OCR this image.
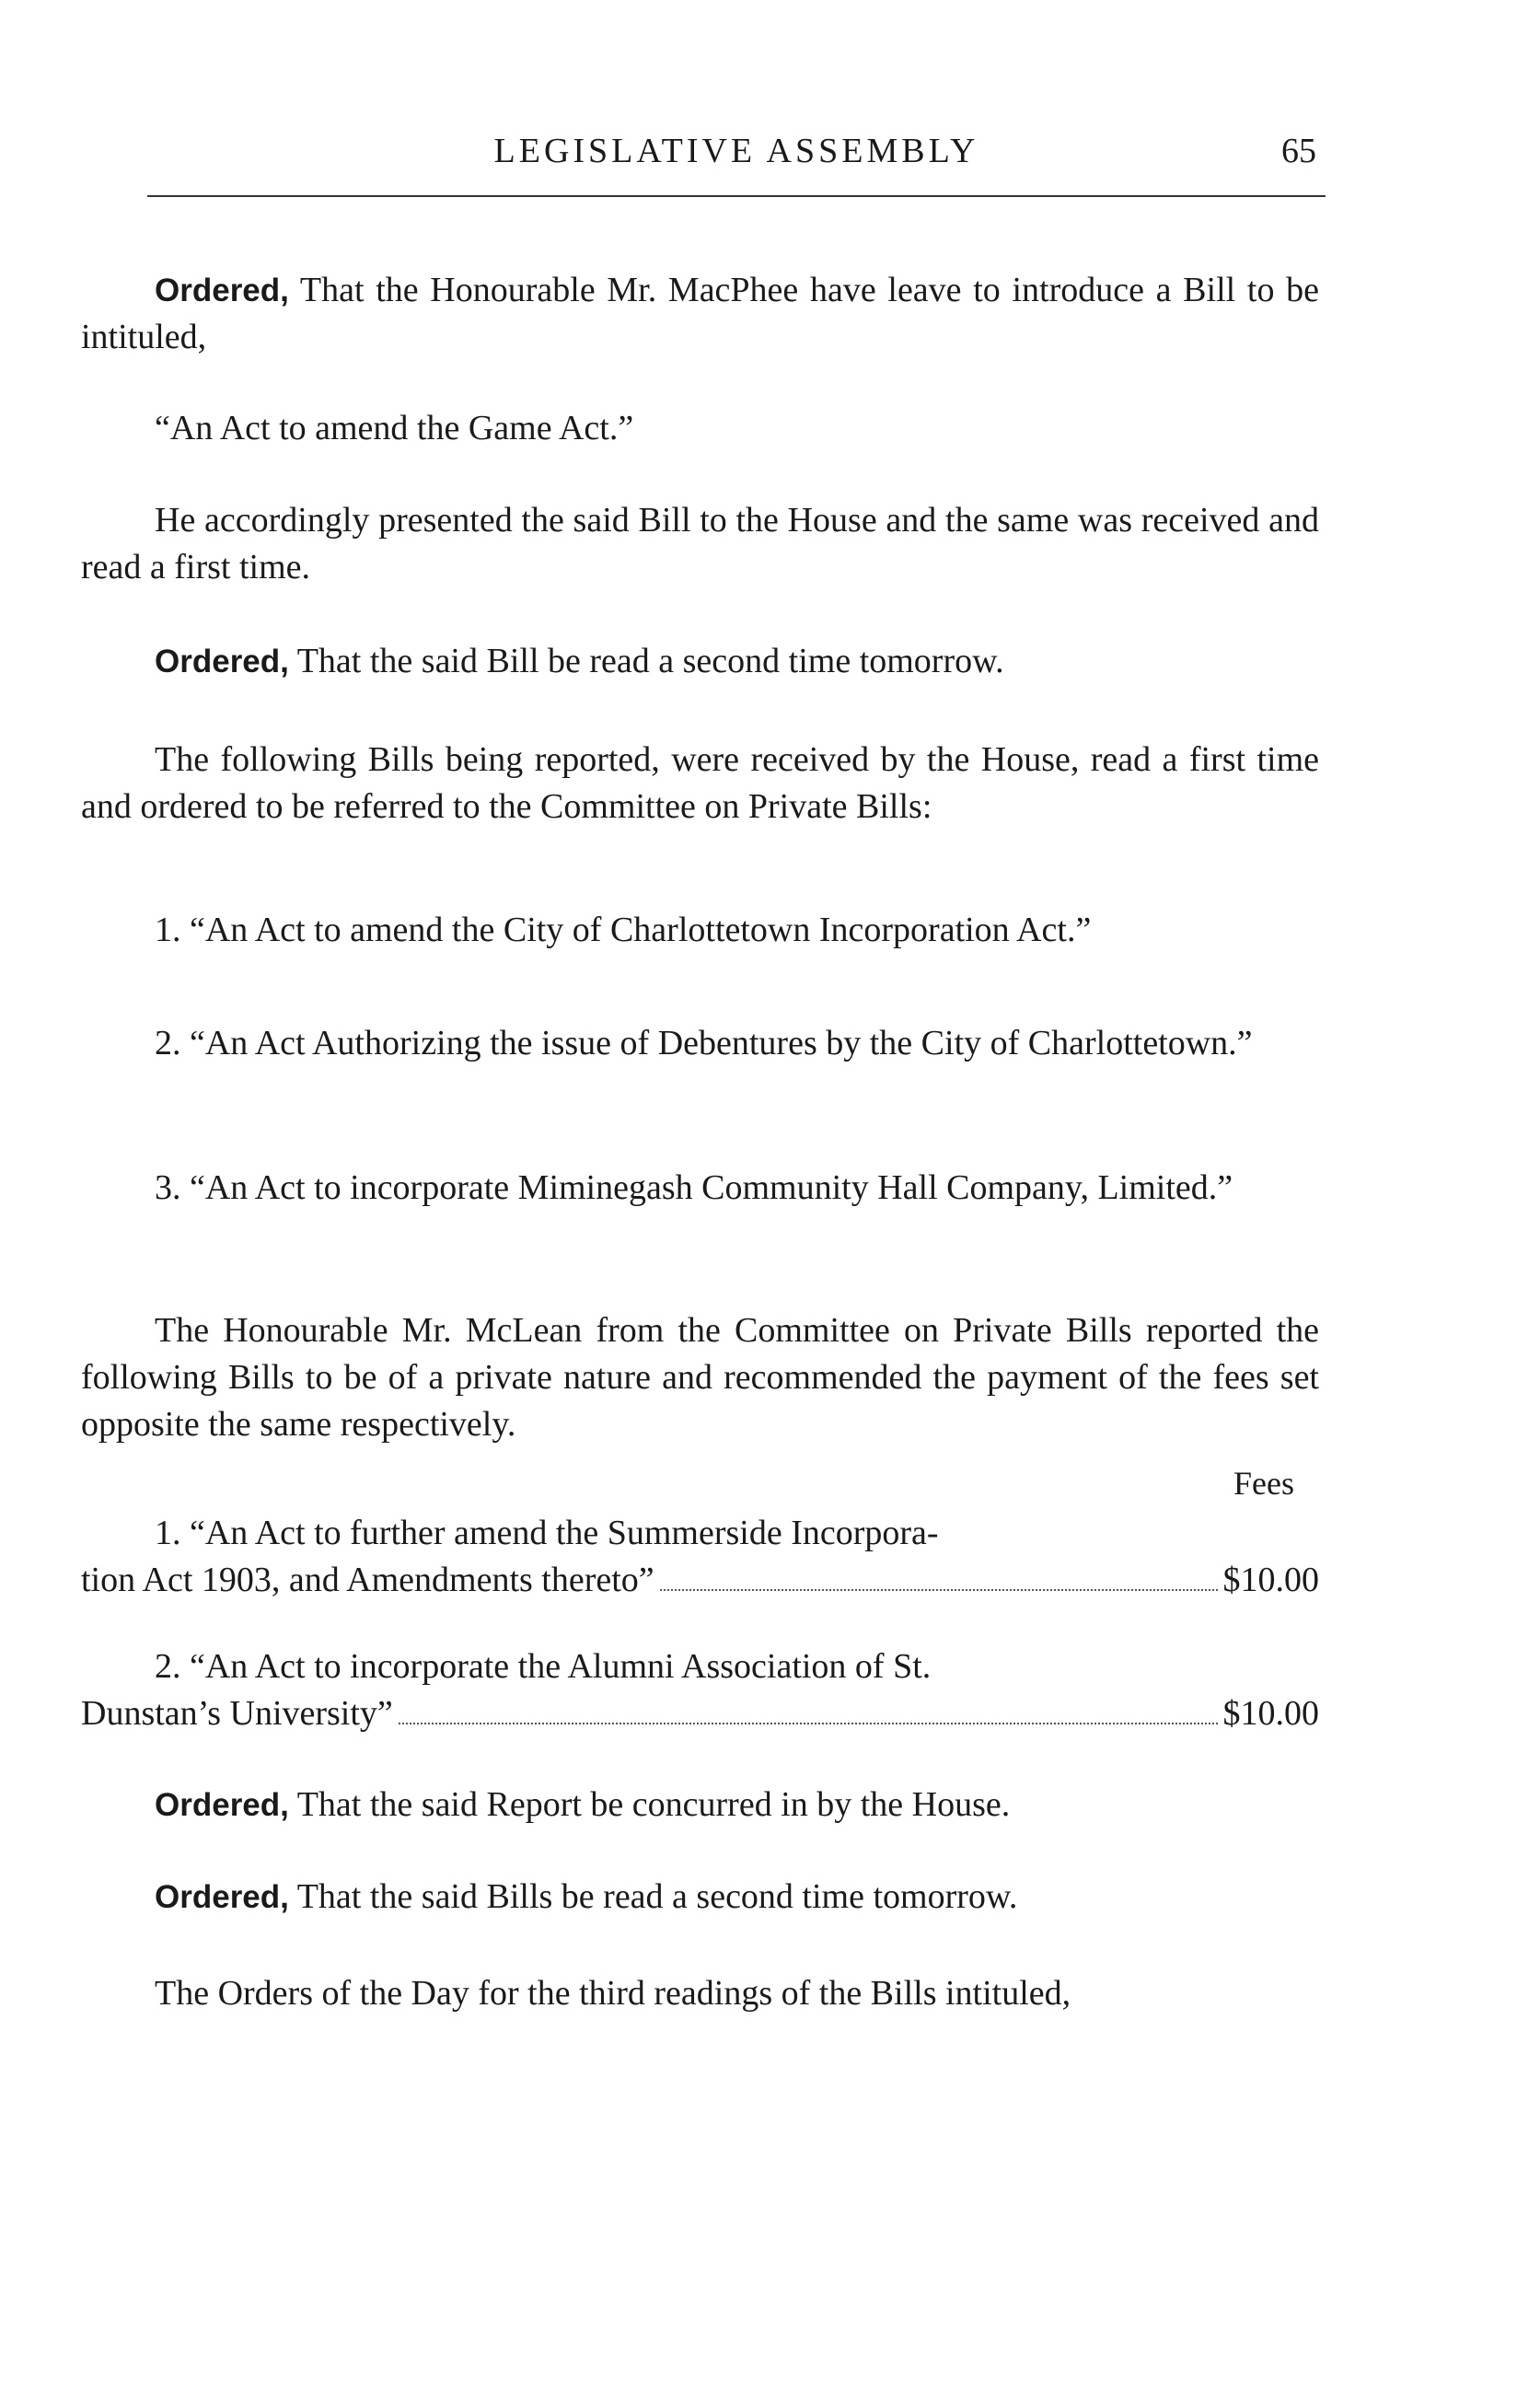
LEGISLATIVE ASSEMBLY	65
Ordered, That the Honourable Mr. MacPhee have leave to introduce a Bill to be intituled,
“An Act to amend the Game Act.”
He accordingly presented the said Bill to the House and the same was received and read a first time.
Ordered, That the said Bill be read a second time tomorrow.
The following Bills being reported, were received by the House, read a first time and ordered to be referred to the Committee on Private Bills:
1. “An Act to amend the City of Charlottetown Incorporation Act.”
2. “An Act Authorizing the issue of Debentures by the City of Charlottetown.”
3. “An Act to incorporate Miminegash Community Hall Company, Limited.”
The Honourable Mr. McLean from the Committee on Private Bills reported the following Bills to be of a private nature and recommended the payment of the fees set opposite the same respectively.
Fees
1. “An Act to further amend the Summerside Incorpora-
tion Act 1903, and Amendments thereto”	$10.00
2. “An Act to incorporate the Alumni Association of St.
Dunstan’s University”	$10.00
Ordered, That the said Report be concurred in by the House.
Ordered, That the said Bills be read a second time tomorrow.
The Orders of the Day for the third readings of the Bills intituled,
